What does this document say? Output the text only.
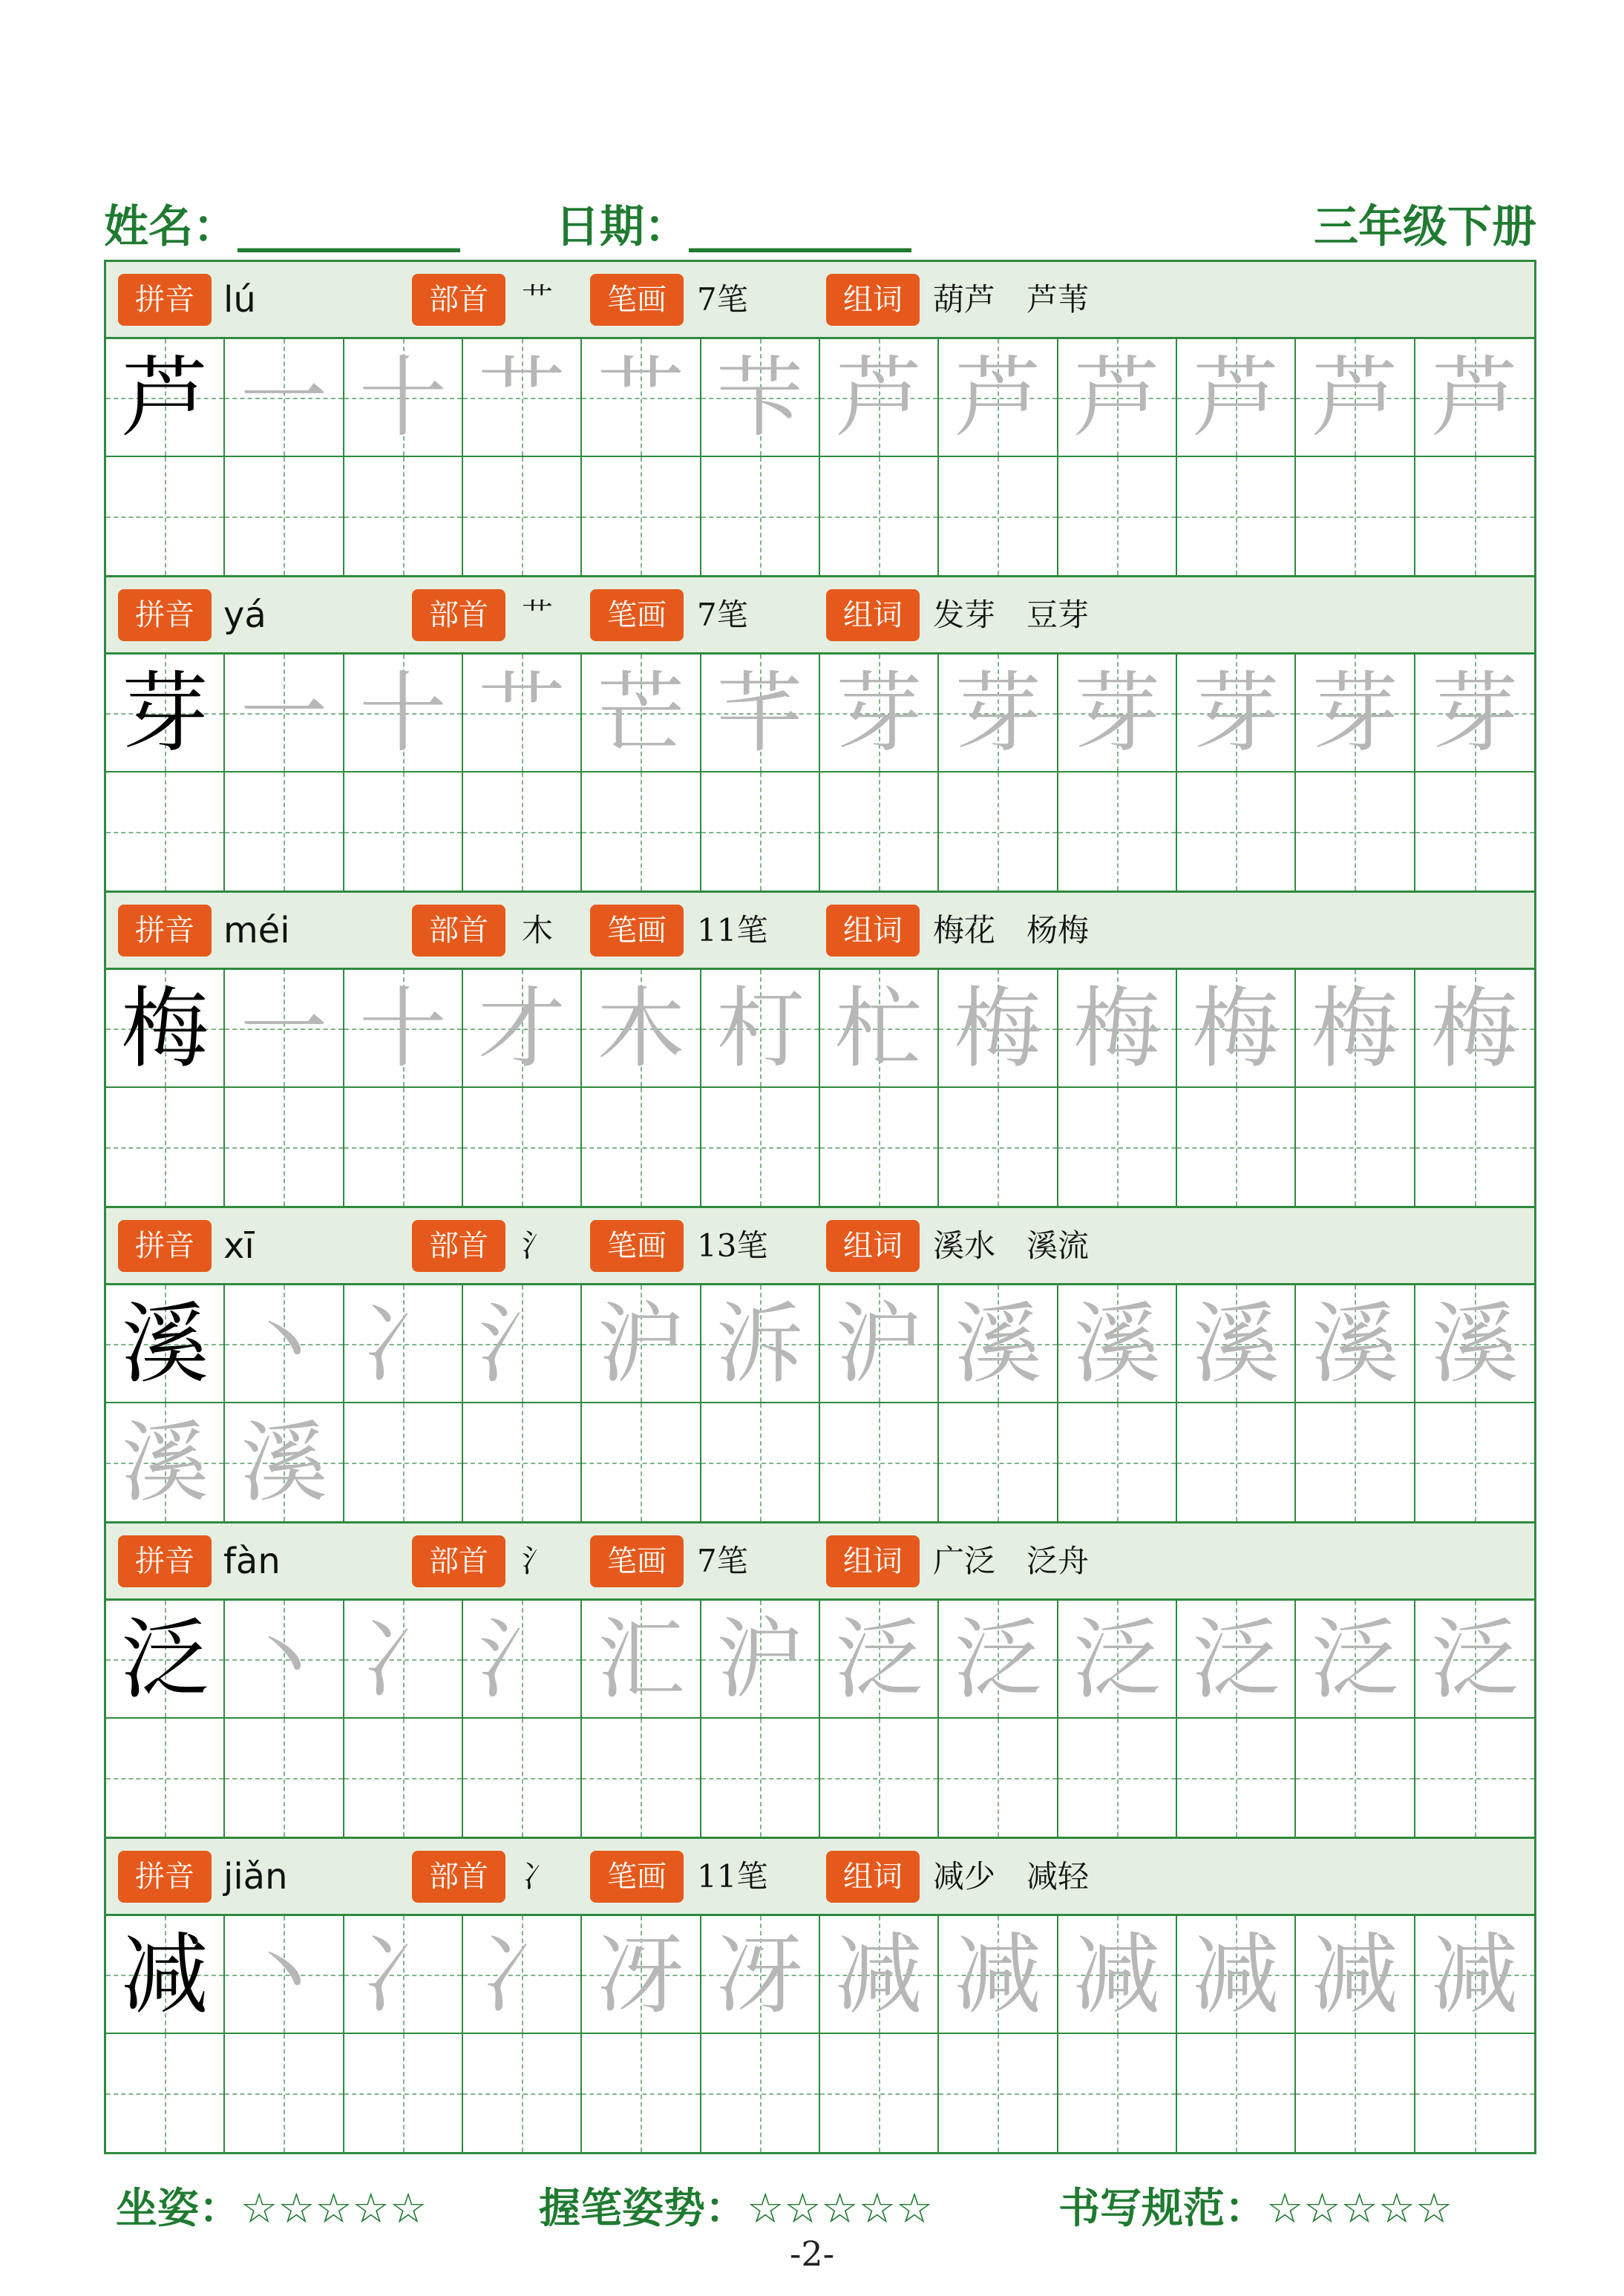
姓名：__________ 日期：__________	三年级下册
拼音 lú	部首	艹	笔画 7笔	组词 葫芦　芦苇
芦 一 十 艹 艹 芐 芦 芦 芦 芦 芦 芦
拼音 yá	部首	艹	笔画 7笔	组词 发芽　豆芽
芽 一 十 艹 芒 芊 芽 芽 芽 芽 芽 芽
拼音 méi	部首	木	笔画 11笔	组词 梅花　杨梅
梅 一 十 才 木 朾 杧 梅 梅 梅 梅 梅
拼音 xī	部首	氵	笔画 13笔	组词 溪水　溪流
溪 丶 冫 氵 沪 泝 沪 溪 溪 溪 溪 溪
溪 溪
拼音 fàn	部首	氵	笔画 7笔	组词 广泛　泛舟
泛 丶 冫 氵 汇 沪 泛 泛 泛 泛 泛 泛
拼音 jiǎn	部首	冫	笔画 11笔	组词 减少　减轻
减 丶 冫 冫 冴 冴 减 减 减 减 减 减
坐姿：☆☆☆☆☆	握笔姿势：☆☆☆☆☆	书写规范：☆☆☆☆☆
-2-
